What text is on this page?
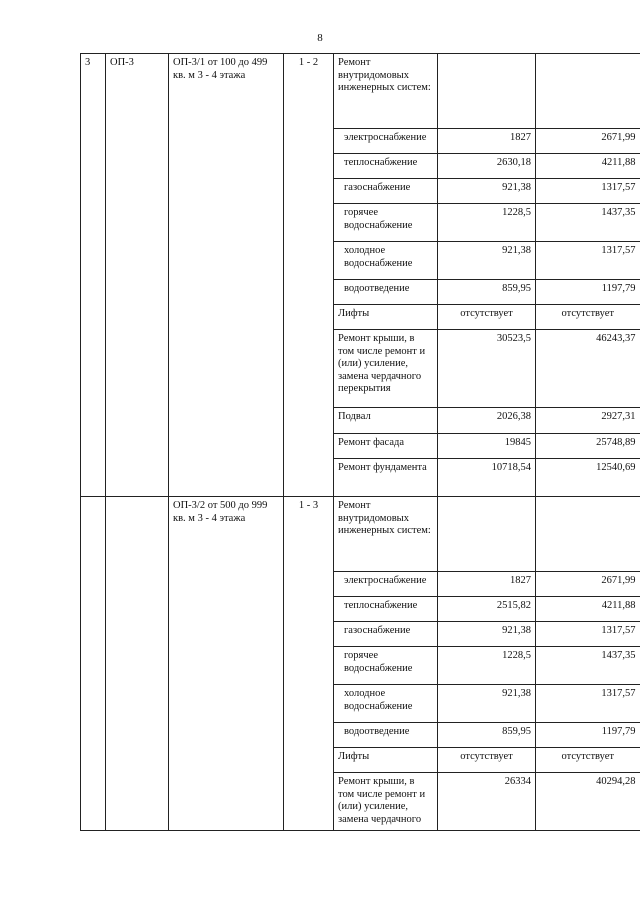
8
3	ОП-3	ОП-3/1 от 100 до 499 кв. м 3 - 4 этажа	1 - 2	Ремонт внутридомовых инженерных систем:		
				электроснабжение	1827	2671,99
				теплоснабжение	2630,18	4211,88
				газоснабжение	921,38	1317,57
				горячее водоснабжение	1228,5	1437,35
				холодное водоснабжение	921,38	1317,57
				водоотведение	859,95	1197,79
				Лифты	отсутствует	отсутствует
				Ремонт крыши, в том числе ремонт и (или) усиление, замена чердачного перекрытия	30523,5	46243,37
				Подвал	2026,38	2927,31
				Ремонт фасада	19845	25748,89
				Ремонт фундамента	10718,54	12540,69
		ОП-3/2 от 500 до 999 кв. м 3 - 4 этажа	1 - 3	Ремонт внутридомовых инженерных систем:		
				электроснабжение	1827	2671,99
				теплоснабжение	2515,82	4211,88
				газоснабжение	921,38	1317,57
				горячее водоснабжение	1228,5	1437,35
				холодное водоснабжение	921,38	1317,57
				водоотведение	859,95	1197,79
				Лифты	отсутствует	отсутствует
				Ремонт крыши, в том числе ремонт и (или) усиление, замена чердачного	26334	40294,28
